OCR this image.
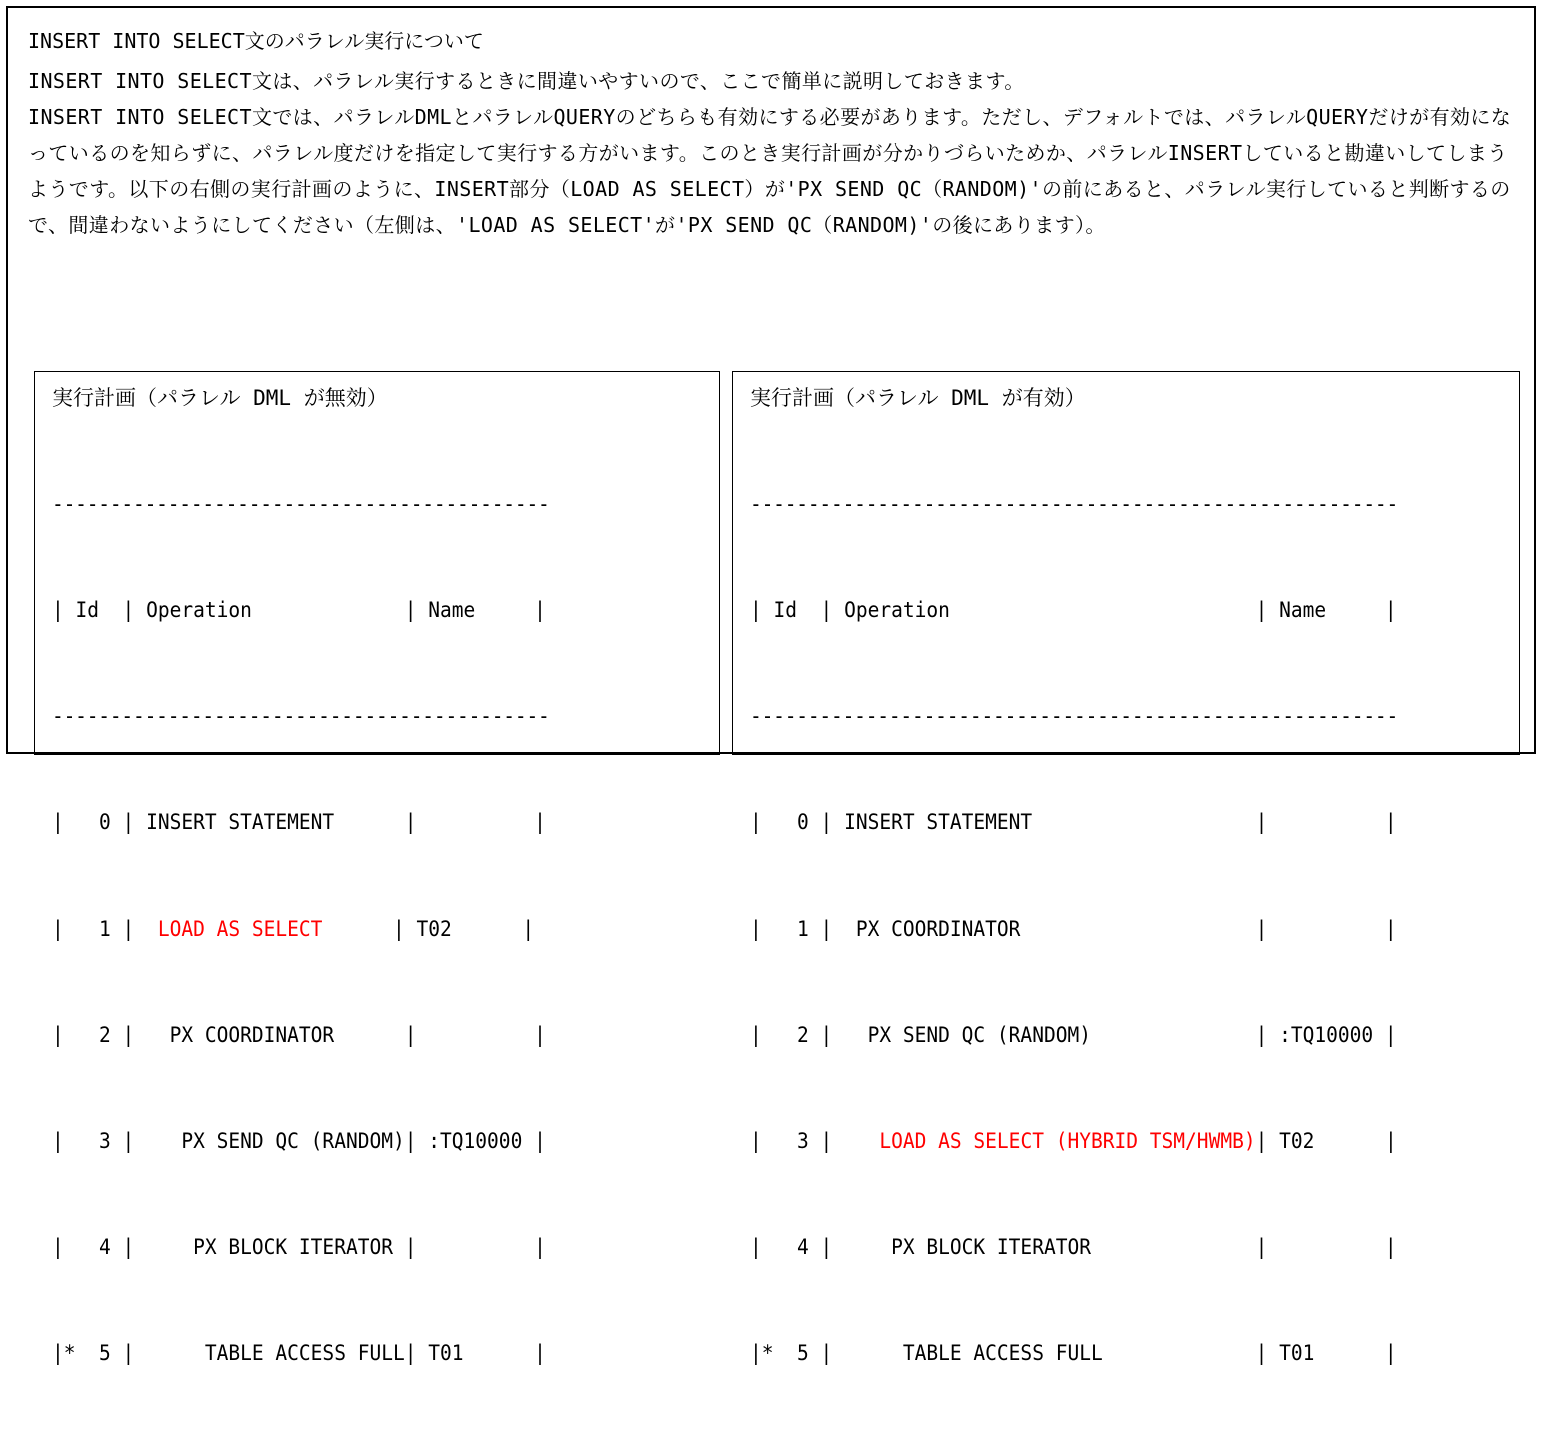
INSERT INTO SELECT文のパラレル実行について
INSERT INTO SELECT文は、パラレル実行するときに間違いやすいので、ここで簡単に説明しておきます。
INSERT INTO SELECT文では、パラレルDMLとパラレルQUERYのどちらも有効にする必要があります。ただし、デフォルトでは、パラレルQUERYだけが有効になっているのを知らずに、パラレル度だけを指定して実行する方がいます。このとき実行計画が分かりづらいためか、パラレルINSERTしていると勘違いしてしまうようです。以下の右側の実行計画のように、INSERT部分（LOAD AS SELECT）が'PX SEND QC（RANDOM)'の前にあると、パラレル実行していると判断するので、間違わないようにしてください（左側は、'LOAD AS SELECT'が'PX SEND QC（RANDOM)'の後にあります）。
実行計画（パラレル DML が無効）

-------------------------------------------

| Id  | Operation             | Name     |

-------------------------------------------

|   0 | INSERT STATEMENT      |          |

|   1 |  LOAD AS SELECT      | T02      |

|   2 |   PX COORDINATOR      |          |

|   3 |    PX SEND QC (RANDOM)| :TQ10000 |

|   4 |     PX BLOCK ITERATOR |          |

|*  5 |      TABLE ACCESS FULL| T01      |

実行計画（パラレル DML が有効）

--------------------------------------------------------

| Id  | Operation                          | Name     |

--------------------------------------------------------

|   0 | INSERT STATEMENT                   |          |

|   1 |  PX COORDINATOR                    |          |

|   2 |   PX SEND QC (RANDOM)              | :TQ10000 |

|   3 |    LOAD AS SELECT (HYBRID TSM/HWMB)| T02      |

|   4 |     PX BLOCK ITERATOR              |          |

|*  5 |      TABLE ACCESS FULL             | T01      |
